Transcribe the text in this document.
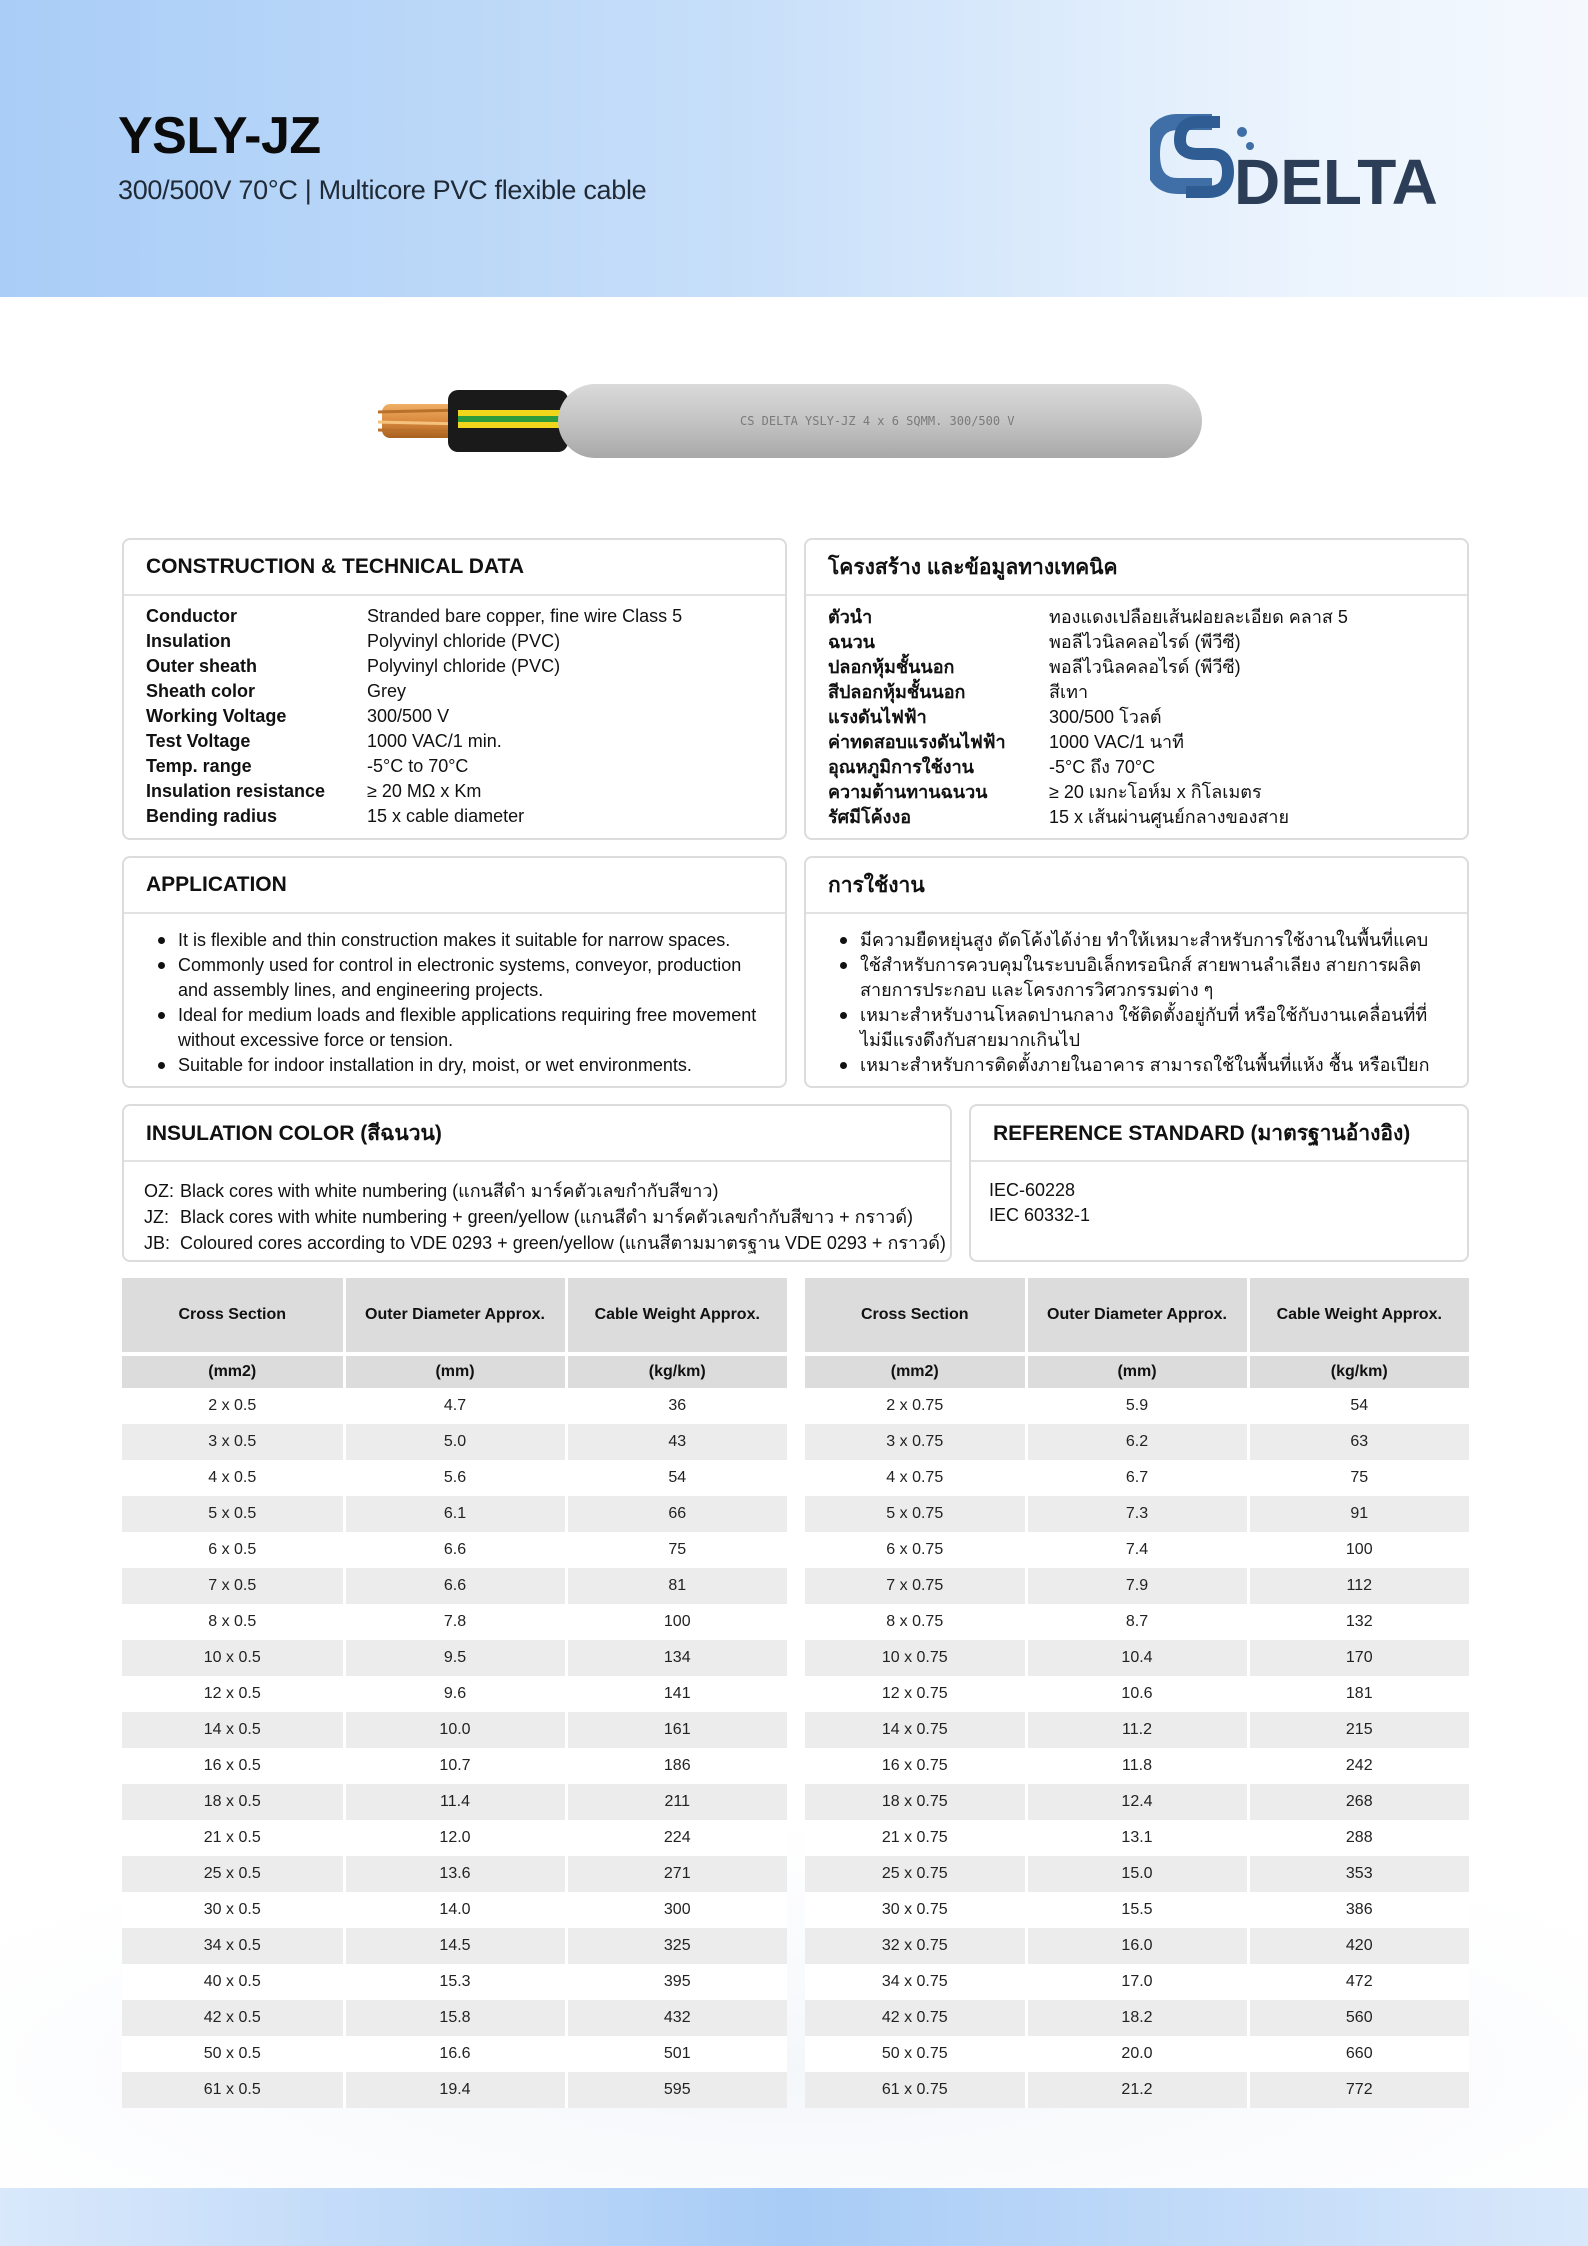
YSLY-JZ
300/500V 70°C | Multicore PVC flexible cable	DELTA
CS DELTA YSLY-JZ 4 x 6 SQMM. 300/500 V
CONSTRUCTION & TECHNICAL DATA
Conductor	Stranded bare copper, fine wire Class 5
Insulation	Polyvinyl chloride (PVC)
Outer sheath	Polyvinyl chloride (PVC)
Sheath color	Grey
Working Voltage	300/500 V
Test Voltage	1000 VAC/1 min.
Temp. range	-5°C to 70°C
Insulation resistance	≥ 20 MΩ x Km
Bending radius	15 x cable diameter
โครงสร้าง และข้อมูลทางเทคนิค
ตัวนำ	ทองแดงเปลือยเส้นฝอยละเอียด คลาส 5
ฉนวน	พอลีไวนิลคลอไรด์ (พีวีซี)
ปลอกหุ้มชั้นนอก	พอลีไวนิลคลอไรด์ (พีวีซี)
สีปลอกหุ้มชั้นนอก	สีเทา
แรงดันไฟฟ้า	300/500 โวลต์
ค่าทดสอบแรงดันไฟฟ้า	1000 VAC/1 นาที
อุณหภูมิการใช้งาน	-5°C ถึง 70°C
ความต้านทานฉนวน	≥ 20 เมกะโอห์ม x กิโลเมตร
รัศมีโค้งงอ	15 x เส้นผ่านศูนย์กลางของสาย
APPLICATION
It is flexible and thin construction makes it suitable for narrow spaces.
Commonly used for control in electronic systems, conveyor, production and assembly lines, and engineering projects.
Ideal for medium loads and flexible applications requiring free movement without excessive force or tension.
Suitable for indoor installation in dry, moist, or wet environments.
การใช้งาน
มีความยืดหยุ่นสูง ดัดโค้งได้ง่าย ทำให้เหมาะสำหรับการใช้งานในพื้นที่แคบ
ใช้สำหรับการควบคุมในระบบอิเล็กทรอนิกส์ สายพานลำเลียง สายการผลิต สายการประกอบ และโครงการวิศวกรรมต่าง ๆ
เหมาะสำหรับงานโหลดปานกลาง ใช้ติดตั้งอยู่กับที่ หรือใช้กับงานเคลื่อนที่ที่ไม่มีแรงดึงกับสายมากเกินไป
เหมาะสำหรับการติดตั้งภายในอาคาร สามารถใช้ในพื้นที่แห้ง ชื้น หรือเปียก
INSULATION COLOR (สีฉนวน)
OZ: Black cores with white numbering (แกนสีดำ มาร์คตัวเลขกำกับสีขาว)
JZ: Black cores with white numbering + green/yellow (แกนสีดำ มาร์คตัวเลขกำกับสีขาว + กราวด์)
JB: Coloured cores according to VDE 0293 + green/yellow (แกนสีตามมาตรฐาน VDE 0293 + กราวด์)
REFERENCE STANDARD (มาตรฐานอ้างอิง)
IEC-60228
IEC 60332-1
Cross Section	Outer Diameter Approx.	Cable Weight Approx.
(mm2)	(mm)	(kg/km)
2 x 0.5	4.7	36
3 x 0.5	5.0	43
4 x 0.5	5.6	54
5 x 0.5	6.1	66
6 x 0.5	6.6	75
7 x 0.5	6.6	81
8 x 0.5	7.8	100
10 x 0.5	9.5	134
12 x 0.5	9.6	141
14 x 0.5	10.0	161
16 x 0.5	10.7	186
18 x 0.5	11.4	211
21 x 0.5	12.0	224
25 x 0.5	13.6	271
30 x 0.5	14.0	300
34 x 0.5	14.5	325
40 x 0.5	15.3	395
42 x 0.5	15.8	432
50 x 0.5	16.6	501
61 x 0.5	19.4	595
Cross Section	Outer Diameter Approx.	Cable Weight Approx.
(mm2)	(mm)	(kg/km)
2 x 0.75	5.9	54
3 x 0.75	6.2	63
4 x 0.75	6.7	75
5 x 0.75	7.3	91
6 x 0.75	7.4	100
7 x 0.75	7.9	112
8 x 0.75	8.7	132
10 x 0.75	10.4	170
12 x 0.75	10.6	181
14 x 0.75	11.2	215
16 x 0.75	11.8	242
18 x 0.75	12.4	268
21 x 0.75	13.1	288
25 x 0.75	15.0	353
30 x 0.75	15.5	386
32 x 0.75	16.0	420
34 x 0.75	17.0	472
42 x 0.75	18.2	560
50 x 0.75	20.0	660
61 x 0.75	21.2	772
